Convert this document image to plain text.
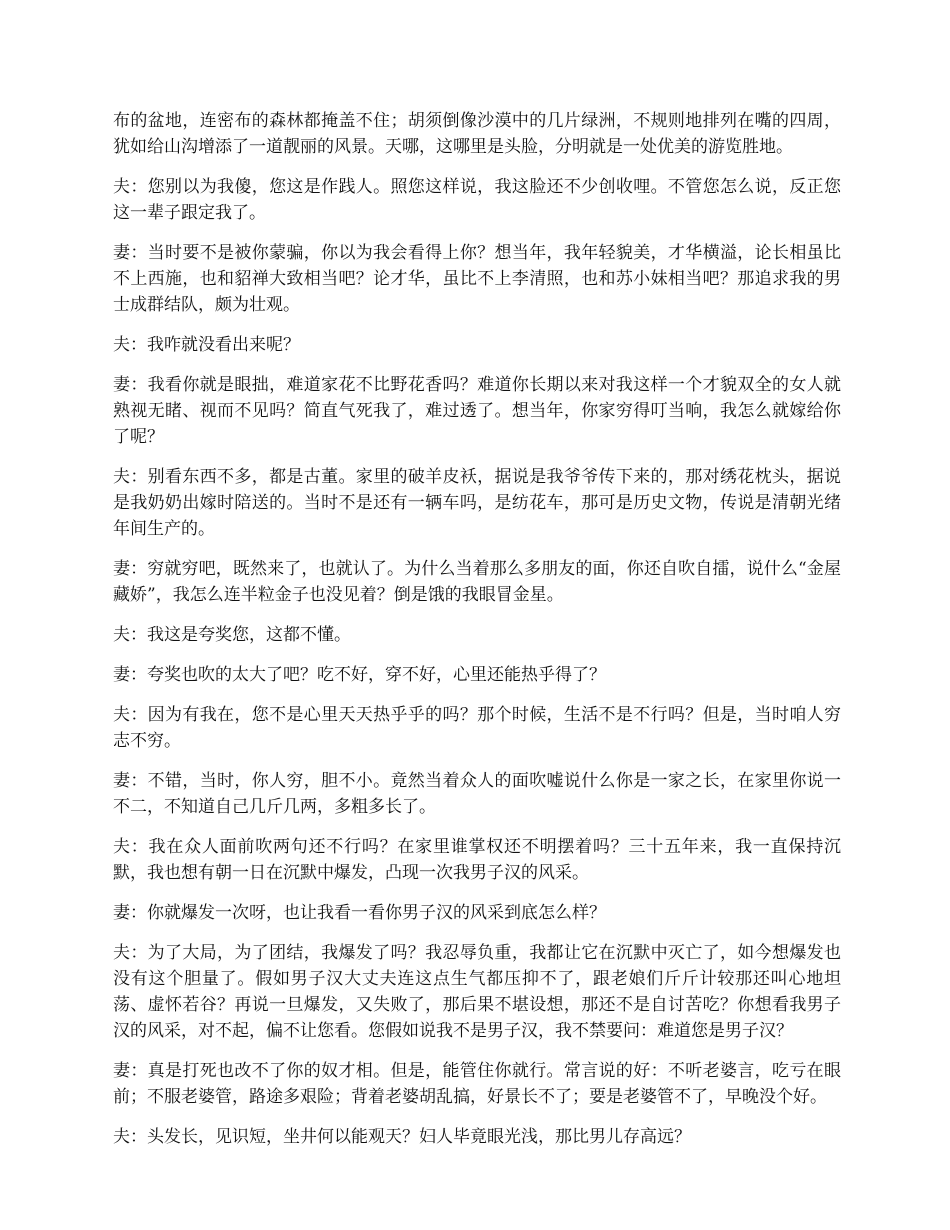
布的盆地，连密布的森林都掩盖不住；胡须倒像沙漠中的几片绿洲，不规则地排列在嘴的四周，犹如给山沟增添了一道靓丽的风景。天哪，这哪里是头脸，分明就是一处优美的游览胜地。

夫：您别以为我傻，您这是作践人。照您这样说，我这脸还不少创收哩。不管您怎么说，反正您这一辈子跟定我了。

妻：当时要不是被你蒙骗，你以为我会看得上你？想当年，我年轻貌美，才华横溢，论长相虽比不上西施，也和貂禅大致相当吧？论才华，虽比不上李清照，也和苏小妹相当吧？那追求我的男士成群结队，颇为壮观。

夫：我咋就没看出来呢？

妻：我看你就是眼拙，难道家花不比野花香吗？难道你长期以来对我这样一个才貌双全的女人就熟视无睹、视而不见吗？简直气死我了，难过透了。想当年，你家穷得叮当响，我怎么就嫁给你了呢？

夫：别看东西不多，都是古董。家里的破羊皮袄，据说是我爷爷传下来的，那对绣花枕头，据说是我奶奶出嫁时陪送的。当时不是还有一辆车吗，是纺花车，那可是历史文物，传说是清朝光绪年间生产的。

妻：穷就穷吧，既然来了，也就认了。为什么当着那么多朋友的面，你还自吹自擂，说什么“金屋藏娇”，我怎么连半粒金子也没见着？倒是饿的我眼冒金星。

夫：我这是夸奖您，这都不懂。

妻：夸奖也吹的太大了吧？吃不好，穿不好，心里还能热乎得了？

夫：因为有我在，您不是心里天天热乎乎的吗？那个时候，生活不是不行吗？但是，当时咱人穷志不穷。

妻：不错，当时，你人穷，胆不小。竟然当着众人的面吹嘘说什么你是一家之长，在家里你说一不二，不知道自己几斤几两，多粗多长了。

夫：我在众人面前吹两句还不行吗？在家里谁掌权还不明摆着吗？三十五年来，我一直保持沉默，我也想有朝一日在沉默中爆发，凸现一次我男子汉的风采。

妻：你就爆发一次呀，也让我看一看你男子汉的风采到底怎么样？

夫：为了大局，为了团结，我爆发了吗？我忍辱负重，我都让它在沉默中灭亡了，如今想爆发也没有这个胆量了。假如男子汉大丈夫连这点生气都压抑不了，跟老娘们斤斤计较那还叫心地坦荡、虚怀若谷？再说一旦爆发，又失败了，那后果不堪设想，那还不是自讨苦吃？你想看我男子汉的风采，对不起，偏不让您看。您假如说我不是男子汉，我不禁要问：难道您是男子汉？

妻：真是打死也改不了你的奴才相。但是，能管住你就行。常言说的好：不听老婆言，吃亏在眼前；不服老婆管，路途多艰险；背着老婆胡乱搞，好景长不了；要是老婆管不了，早晚没个好。

夫：头发长，见识短，坐井何以能观天？妇人毕竟眼光浅，那比男儿存高远？
